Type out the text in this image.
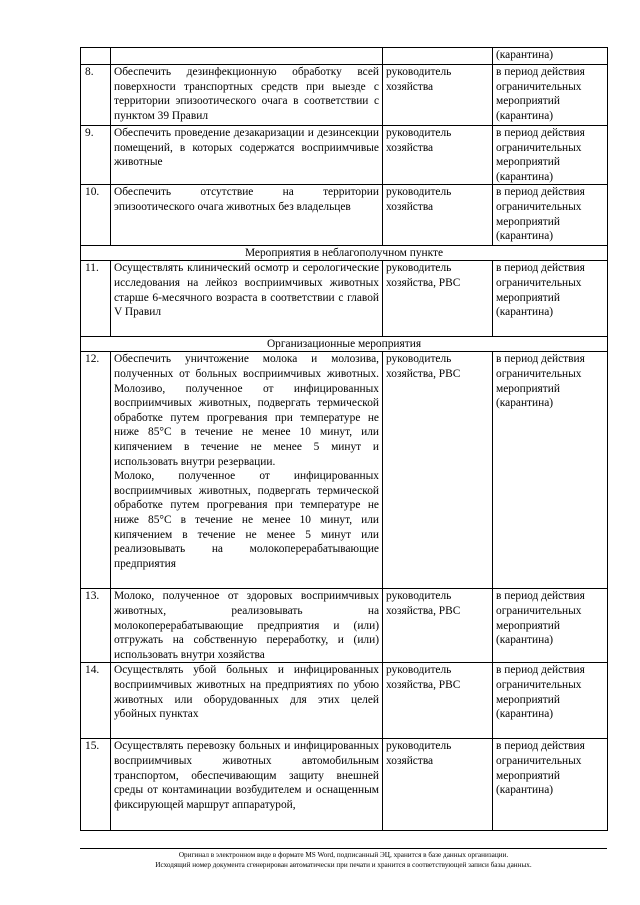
			(карантина)
8.	Обеспечить дезинфекционную обработку всей поверхности транспортных средств при выезде с территории эпизоотического очага в соответствии с пунктом 39 Правил	руководитель хозяйства	в период действия ограничительных мероприятий (карантина)
9.	Обеспечить проведение дезакаризации и дезинсекции помещений, в которых содержатся восприимчивые животные	руководитель хозяйства	в период действия ограничительных мероприятий (карантина)
10.	Обеспечить отсутствие на территории эпизоотического очага животных без владельцев	руководитель хозяйства	в период действия ограничительных мероприятий (карантина)
Мероприятия в неблагополучном пункте			
11.	Осуществлять клинический осмотр и серологические исследования на лейкоз восприимчивых животных старше 6-месячного возраста в соответствии с главой V Правил	руководитель хозяйства, РВС	в период действия ограничительных мероприятий (карантина)
Организационные мероприятия			
12.	Обеспечить уничтожение молока и молозива, полученных от больных восприимчивых животных. Молозиво, полученное от инфицированных восприимчивых животных, подвергать термической обработке путем прогревания при температуре не ниже 85°C в течение не менее 10 минут, или кипячением в течение не менее 5 минут и использовать внутри резервации.

Молоко, полученное от инфицированных восприимчивых животных, подвергать термической обработке путем прогревания при температуре не ниже 85°C в течение не менее 10 минут, или кипячением в течение не менее 5 минут или реализовывать на молокоперерабатывающие предприятия	руководитель хозяйства, РВС	в период действия ограничительных мероприятий (карантина)
13.	Молоко, полученное от здоровых восприимчивых животных, реализовывать на молокоперерабатывающие предприятия и (или) отгружать на собственную переработку, и (или) использовать внутри хозяйства	руководитель хозяйства, РВС	в период действия ограничительных мероприятий (карантина)
14.	Осуществлять убой больных и инфицированных восприимчивых животных на предприятиях по убою животных или оборудованных для этих целей убойных пунктах	руководитель хозяйства, РВС	в период действия ограничительных мероприятий (карантина)
15.	Осуществлять перевозку больных и инфицированных восприимчивых животных автомобильным транспортом, обеспечивающим защиту внешней среды от контаминации возбудителем и оснащенным фиксирующей маршрут аппаратурой,	руководитель хозяйства	в период действия ограничительных мероприятий (карантина)
Оригинал в электронном виде в формате MS Word, подписанный ЭЦ, хранится в базе данных организации.
Исходящий номер документа сгенерирован автоматически при печати и хранится в соответствующей записи базы данных.
